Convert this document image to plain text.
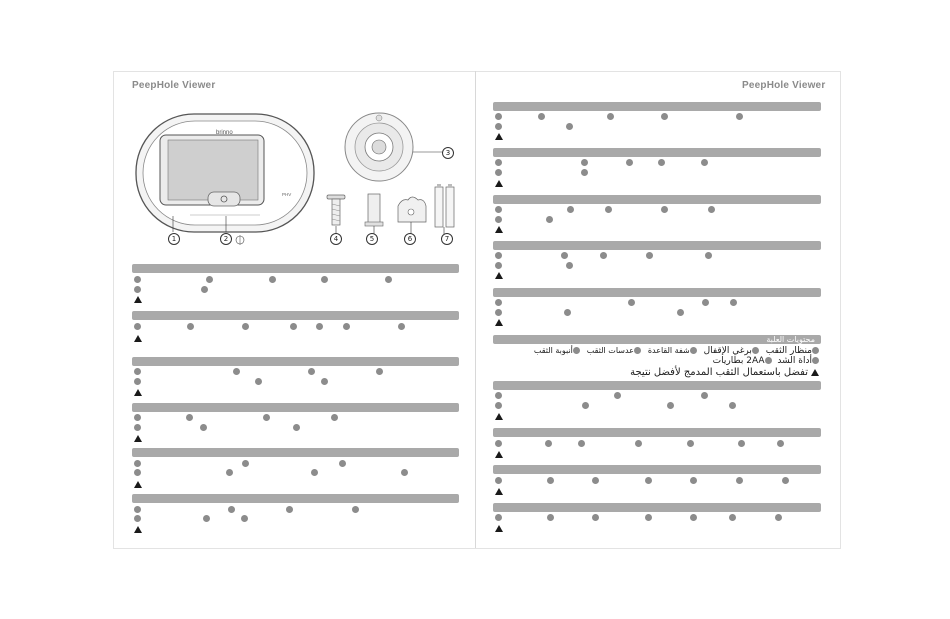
PeepHole Viewer	PeepHole Viewer
brinno
PHV
1	2
3
4	5	6	7
محتويات العلبة
منظار الثقب برغي الإقفال شفة القاعدة عدسات الثقب أنبوبة الثقب
أداة الشد 2AA بطاريات
تفضل باستعمال الثقب المدمج لأفضل نتيجة
